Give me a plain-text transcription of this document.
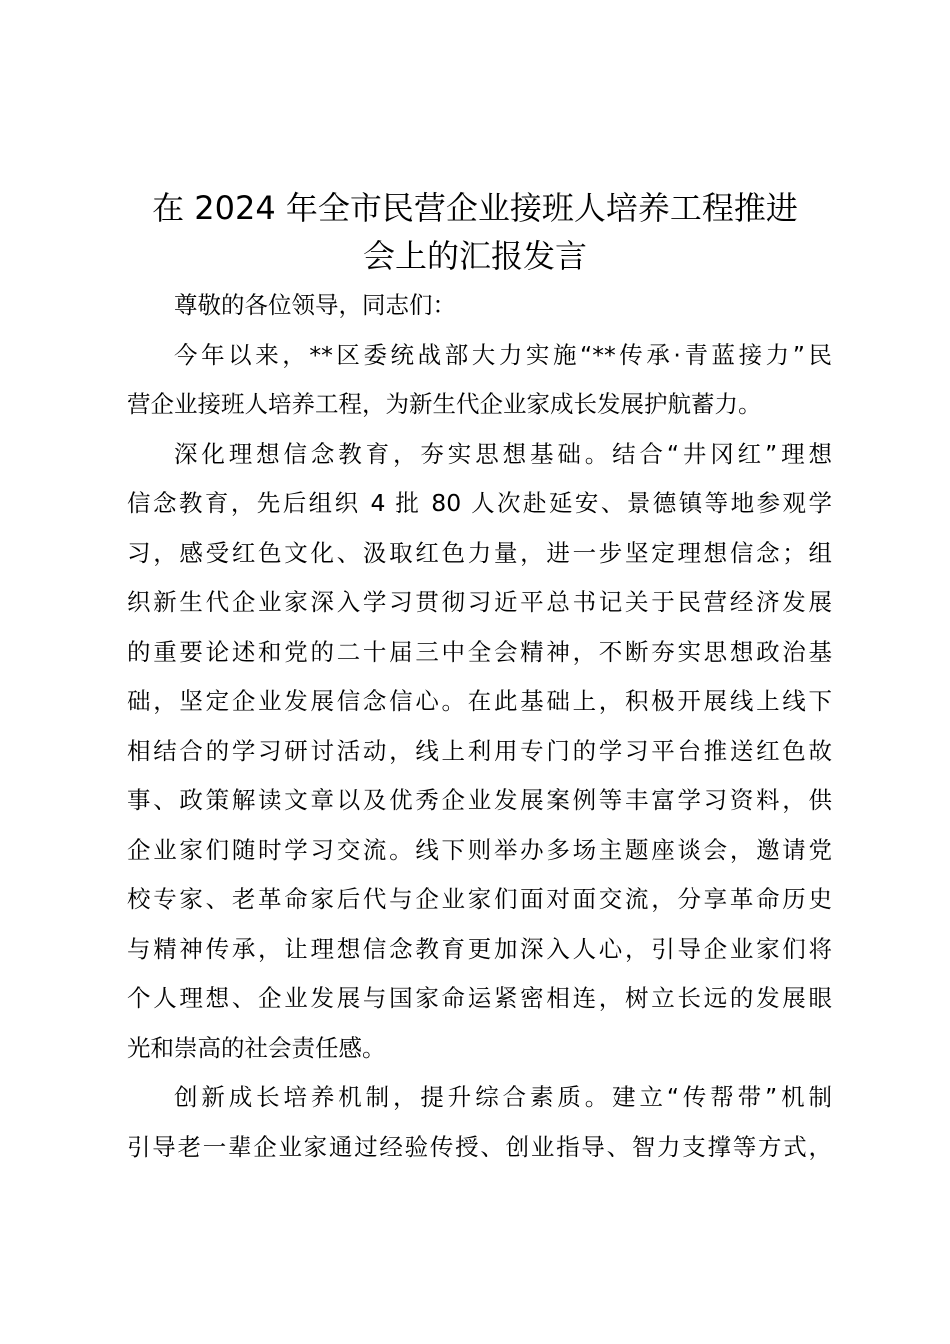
在 2024 年全市民营企业接班人培养工程推进
会上的汇报发言

尊敬的各位领导，同志们：

今年以来，**区委统战部大力实施“**传承·青蓝接力”民
营企业接班人培养工程，为新生代企业家成长发展护航蓄力。

深化理想信念教育，夯实思想基础。结合“井冈红”理想
信念教育，先后组织 4 批 80 人次赴延安、景德镇等地参观学
习，感受红色文化、汲取红色力量，进一步坚定理想信念；组
织新生代企业家深入学习贯彻习近平总书记关于民营经济发展
的重要论述和党的二十届三中全会精神，不断夯实思想政治基
础，坚定企业发展信念信心。在此基础上，积极开展线上线下
相结合的学习研讨活动，线上利用专门的学习平台推送红色故
事、政策解读文章以及优秀企业发展案例等丰富学习资料，供
企业家们随时学习交流。线下则举办多场主题座谈会，邀请党
校专家、老革命家后代与企业家们面对面交流，分享革命历史
与精神传承，让理想信念教育更加深入人心，引导企业家们将
个人理想、企业发展与国家命运紧密相连，树立长远的发展眼
光和崇高的社会责任感。

创新成长培养机制，提升综合素质。建立“传帮带”机制
引导老一辈企业家通过经验传授、创业指导、智力支撑等方式，
